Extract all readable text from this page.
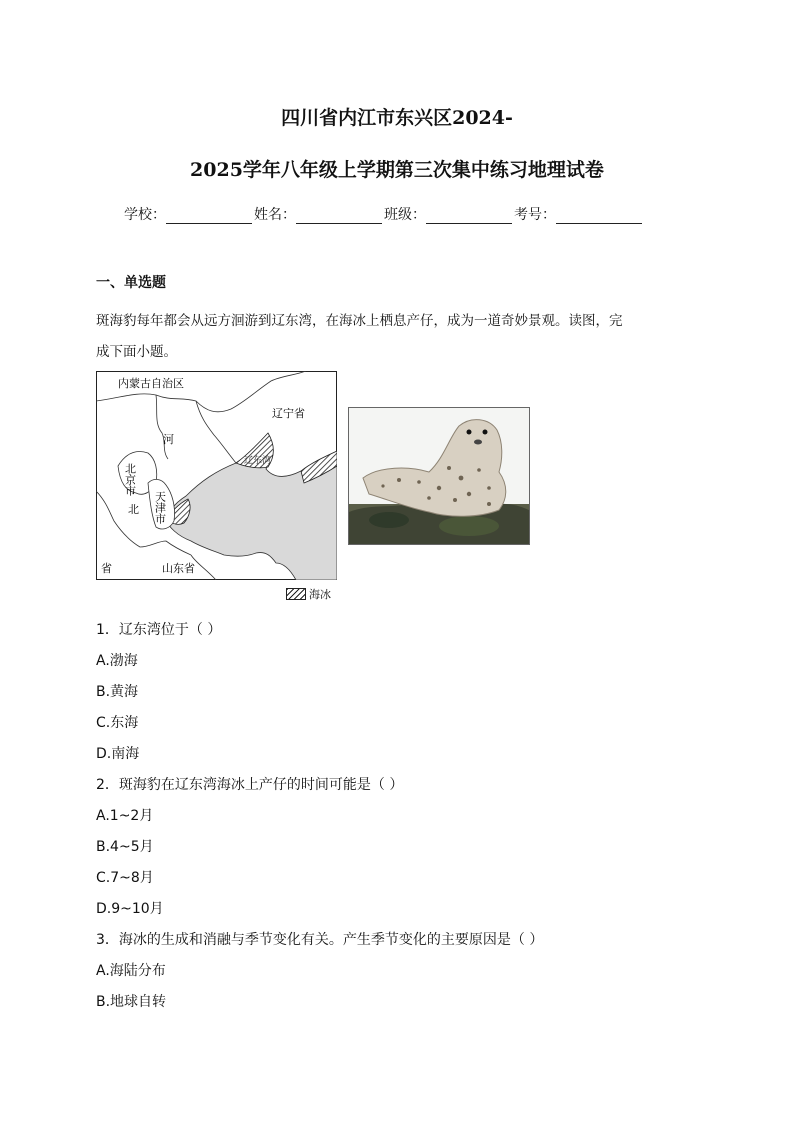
四川省内江市东兴区2024-
2025学年八年级上学期第三次集中练习地理试卷
学校：	姓名：	班级：	考号：
一、单选题
斑海豹每年都会从远方洄游到辽东湾，在海冰上栖息产仔，成为一道奇妙景观。读图，完
成下面小题。
内蒙古自治区
辽宁省
河
北
北京市
天津市
辽东湾
省	山东省
海冰
1．辽东湾位于（ ）
A.渤海
B.黄海
C.东海
D.南海
2．斑海豹在辽东湾海冰上产仔的时间可能是（ ）
A.1~2月
B.4~5月
C.7~8月
D.9~10月
3．海冰的生成和消融与季节变化有关。产生季节变化的主要原因是（ ）
A.海陆分布
B.地球自转
